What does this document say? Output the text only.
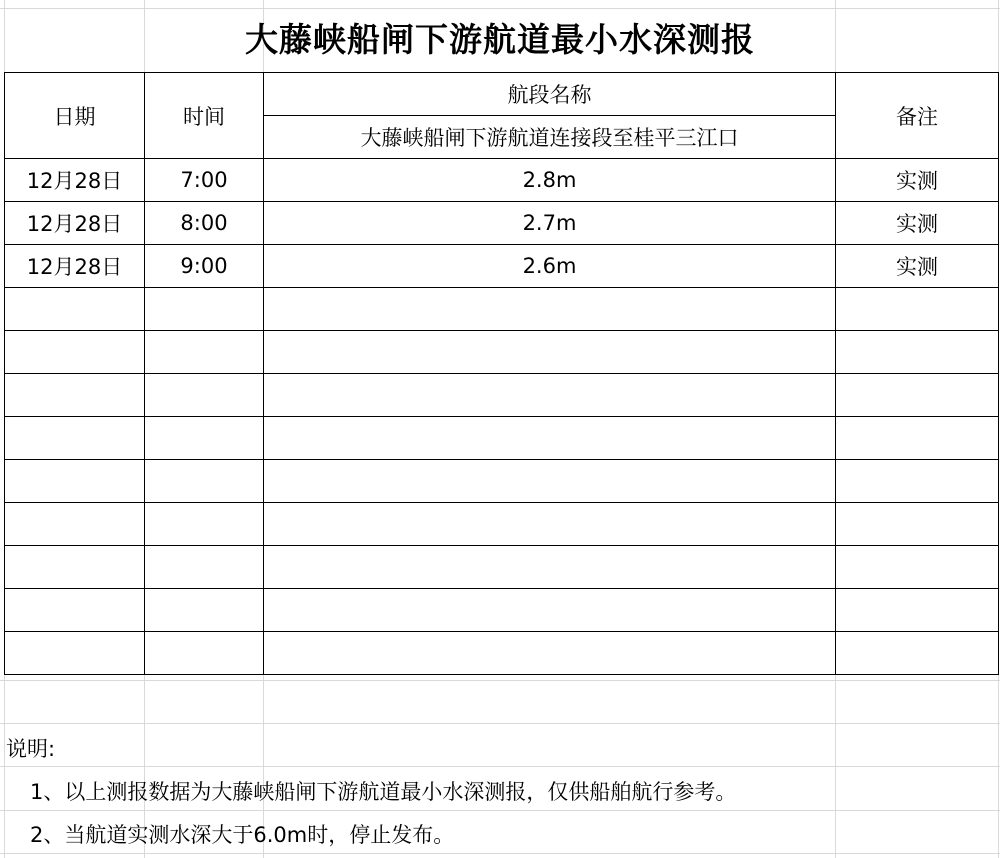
大藤峡船闸下游航道最小水深测报
日期	时间	航段名称	备注
		大藤峡船闸下游航道连接段至桂平三江口	
12月28日	7:00	2.8m	实测
12月28日	8:00	2.7m	实测
12月28日	9:00	2.6m	实测

说明:
1、以上测报数据为大藤峡船闸下游航道最小水深测报，仅供船舶航行参考。
2、当航道实测水深大于6.0m时，停止发布。
